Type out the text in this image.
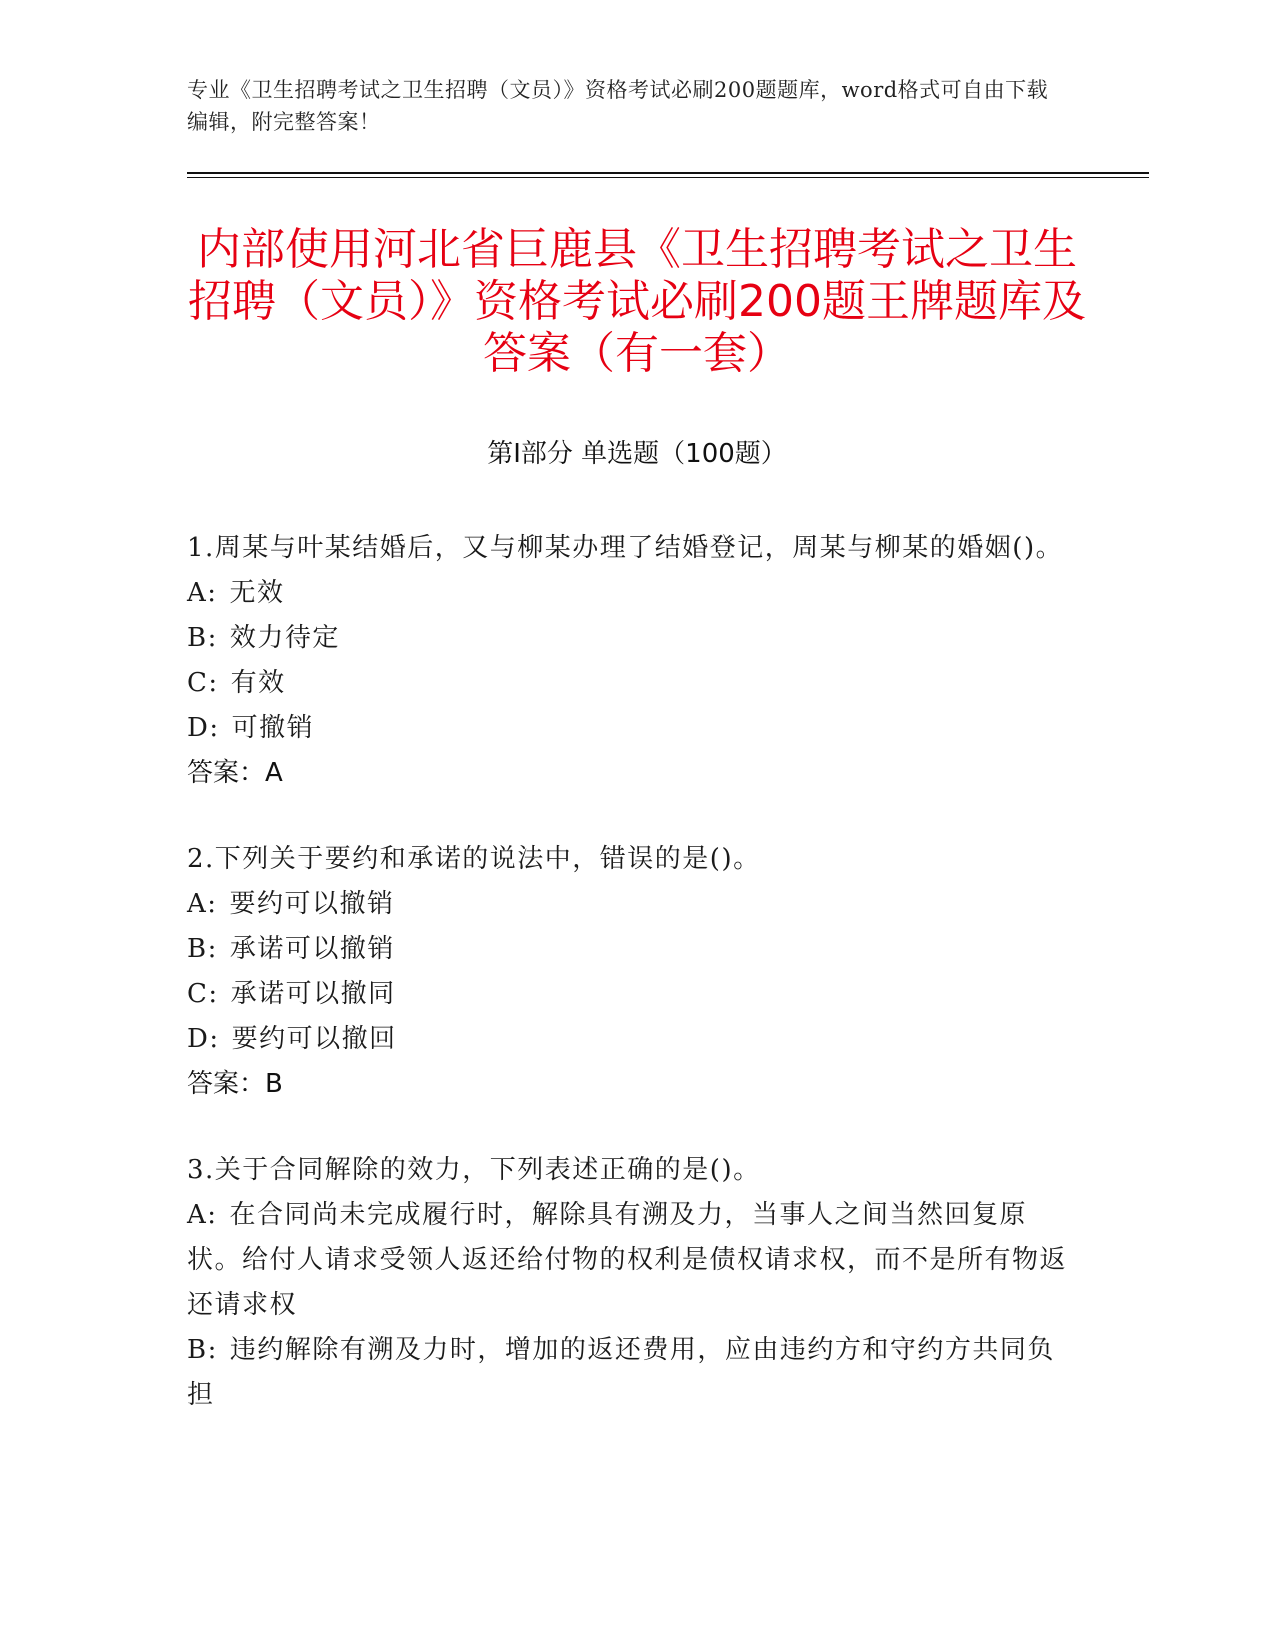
专业《卫生招聘考试之卫生招聘（文员）》资格考试必刷200题题库，word格式可自由下载编辑，附完整答案！
内部使用河北省巨鹿县《卫生招聘考试之卫生招聘（文员）》资格考试必刷200题王牌题库及答案（有一套）
第Ⅰ部分 单选题（100题）

1.周某与叶某结婚后，又与柳某办理了结婚登记，周某与柳某的婚姻()。

A: 无效

B: 效力待定

C: 有效

D: 可撤销

答案：A

2.下列关于要约和承诺的说法中，错误的是()。

A: 要约可以撤销

B: 承诺可以撤销

C: 承诺可以撤同

D: 要约可以撤回

答案：B

3.关于合同解除的效力，下列表述正确的是()。

A: 在合同尚未完成履行时，解除具有溯及力，当事人之间当然回复原状。给付人请求受领人返还给付物的权利是债权请求权，而不是所有物返还请求权

B: 违约解除有溯及力时，增加的返还费用，应由违约方和守约方共同负担
